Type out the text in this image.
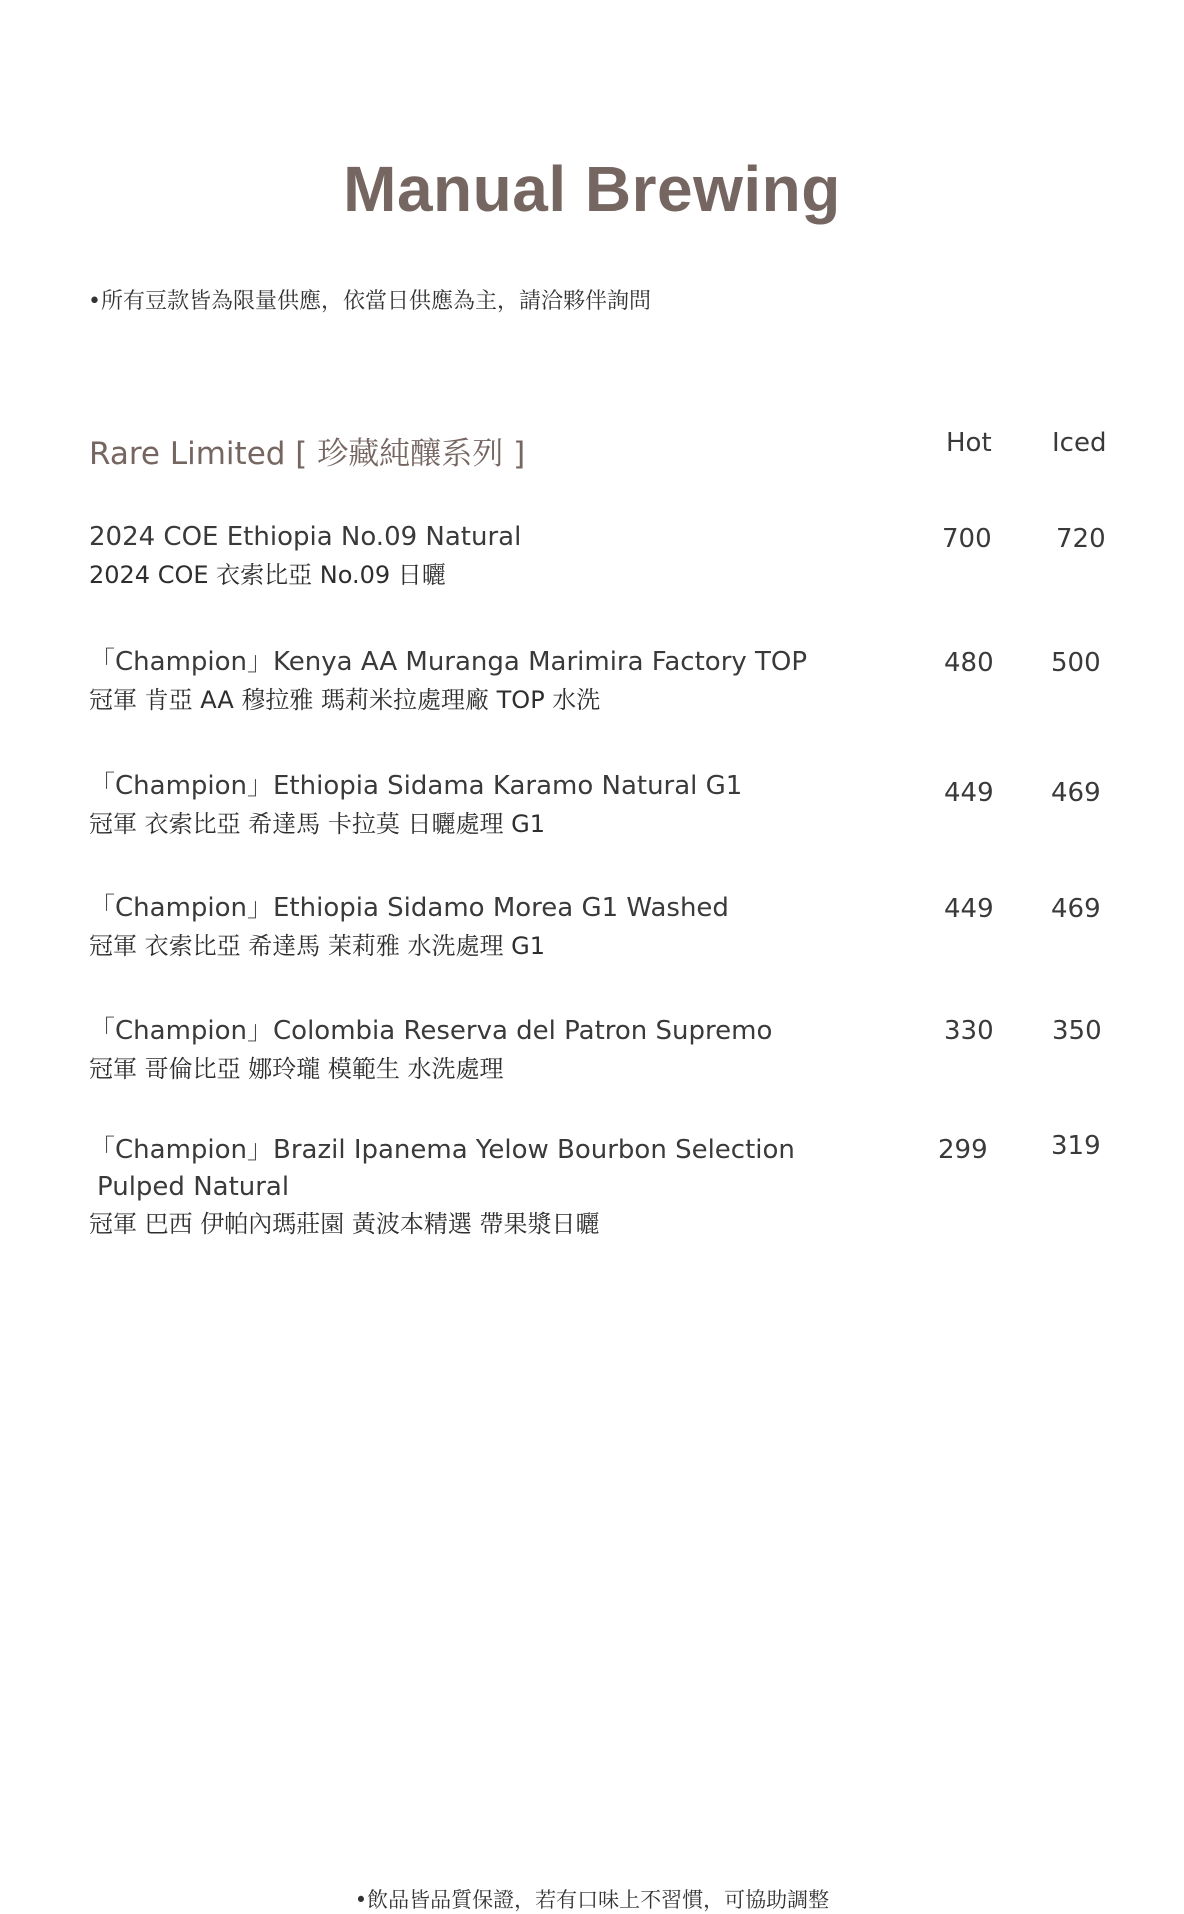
Manual Brewing
•所有豆款皆為限量供應，依當日供應為主，請洽夥伴詢問
Rare Limited [ 珍藏純釀系列 ]	Hot Iced
2024 COE Ethiopia No.09 Natural
2024 COE 衣索比亞 No.09 日曬
700 720
「Champion」Kenya AA Muranga Marimira Factory TOP
冠軍 肯亞 AA 穆拉雅 瑪莉米拉處理廠 TOP 水洗
480 500
「Champion」Ethiopia Sidama Karamo Natural G1
冠軍 衣索比亞 希達馬 卡拉莫 日曬處理 G1
449 469
「Champion」Ethiopia Sidamo Morea G1 Washed
冠軍 衣索比亞 希達馬 茉莉雅 水洗處理 G1
449 469
「Champion」Colombia Reserva del Patron Supremo
冠軍 哥倫比亞 娜玲瓏 模範生 水洗處理
330 350
「Champion」Brazil Ipanema Yelow Bourbon Selection
Pulped Natural
冠軍 巴西 伊帕內瑪莊園 黃波本精選 帶果漿日曬
299 319
•飲品皆品質保證，若有口味上不習慣，可協助調整
